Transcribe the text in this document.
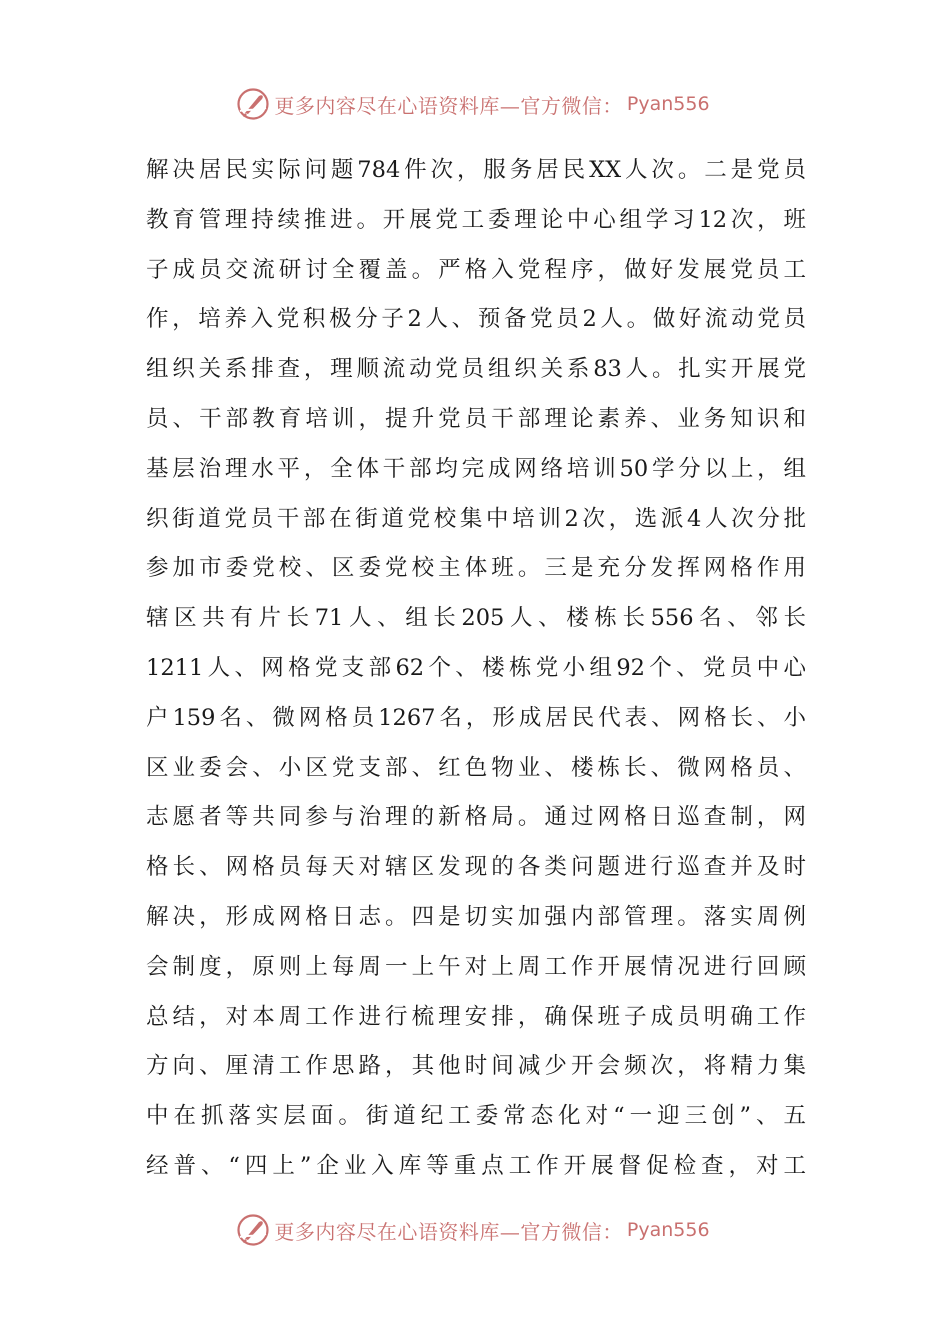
更多内容尽在心语资料库—官方微信： Pyan556
解决居民实际问题784件次，服务居民XX人次。二是党员
教育管理持续推进。开展党工委理论中心组学习12次，班
子成员交流研讨全覆盖。严格入党程序，做好发展党员工
作，培养入党积极分子2人、预备党员2人。做好流动党员
组织关系排查，理顺流动党员组织关系83人。扎实开展党
员、干部教育培训，提升党员干部理论素养、业务知识和
基层治理水平，全体干部均完成网络培训50学分以上，组
织街道党员干部在街道党校集中培训2次，选派4人次分批
参加市委党校、区委党校主体班。三是充分发挥网格作用
辖区共有片长71人、组长205人、楼栋长556名、邻长
1211人、网格党支部62个、楼栋党小组92个、党员中心
户159名、微网格员1267名，形成居民代表、网格长、小
区业委会、小区党支部、红色物业、楼栋长、微网格员、
志愿者等共同参与治理的新格局。通过网格日巡查制，网
格长、网格员每天对辖区发现的各类问题进行巡查并及时
解决，形成网格日志。四是切实加强内部管理。落实周例
会制度，原则上每周一上午对上周工作开展情况进行回顾
总结，对本周工作进行梳理安排，确保班子成员明确工作
方向、厘清工作思路，其他时间减少开会频次，将精力集
中在抓落实层面。街道纪工委常态化对“一迎三创”、五
经普、“四上”企业入库等重点工作开展督促检查，对工
更多内容尽在心语资料库—官方微信： Pyan556
